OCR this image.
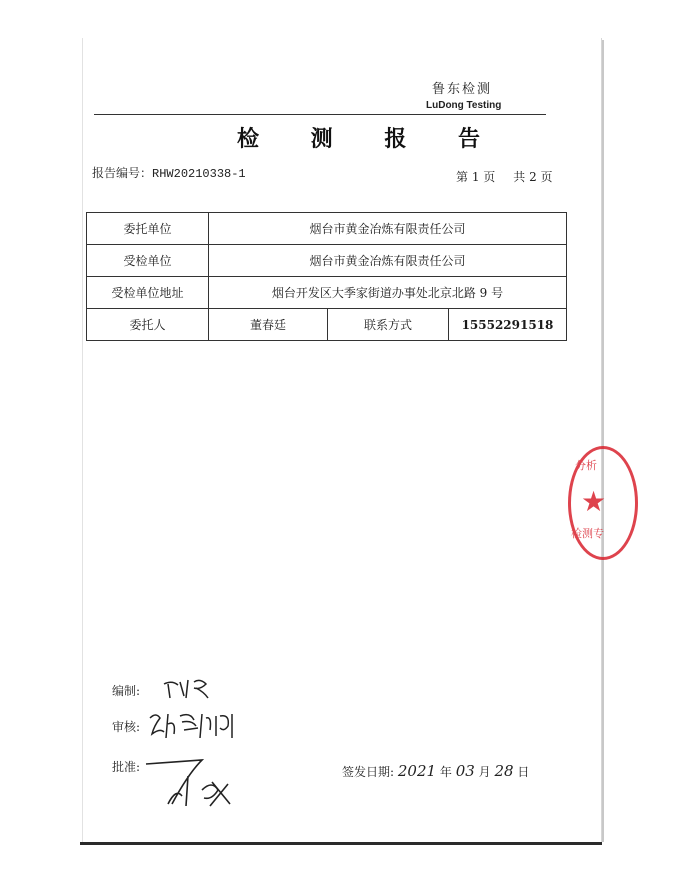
鲁东检测
LuDong Testing
检 测 报 告
报告编号：RHW20210338-1	第 1 页 共 2 页
委托单位	烟台市黄金冶炼有限责任公司		
受检单位	烟台市黄金冶炼有限责任公司		
受检单位地址	烟台开发区大季家街道办事处北京北路 9 号		
委托人	董春廷	联系方式	15552291518
分析
★
检测专
编制:
审核:
批准:	签发日期: 2021 年 03 月 28 日
